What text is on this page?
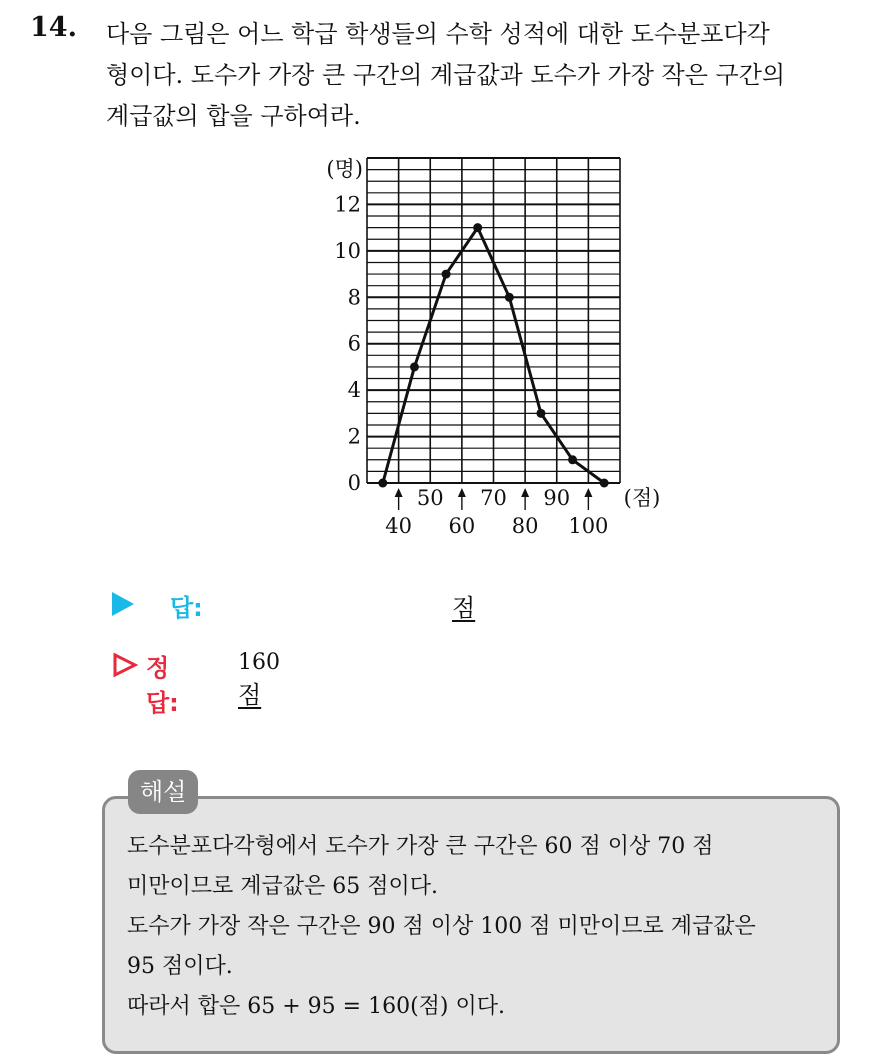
14. 다음 그림은 어느 학급 학생들의 수학 성적에 대한 도수분포다각
형이다. 도수가 가장 큰 구간의 계급값과 도수가 가장 작은 구간의
계급값의 합을 구하여라.
0
2
4
6
8
10
12
(명)
50 70 90
40 60 80 100
(점)
답:	점
정답:
160점
도수분포다각형에서 도수가 가장 큰 구간은 60 점 이상 70 점
미만이므로 계급값은 65 점이다.
도수가 가장 작은 구간은 90 점 이상 100 점 미만이므로 계급값은
95 점이다.
따라서 합은 65 + 95 = 160(점) 이다.
해설
